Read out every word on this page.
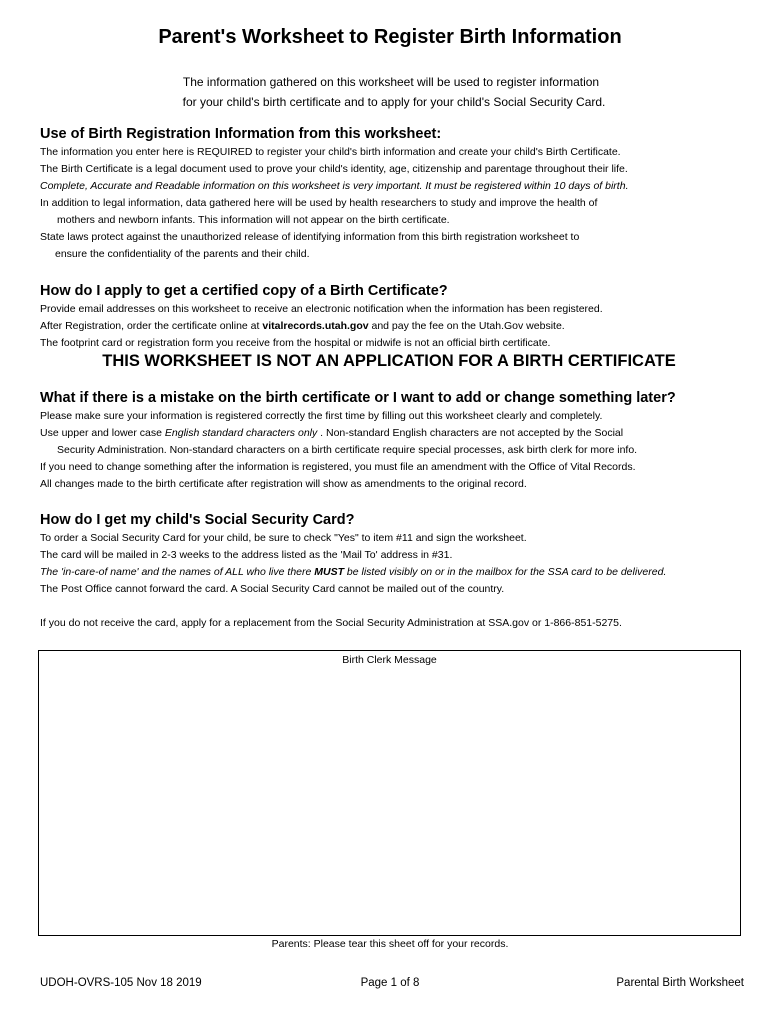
Parent's Worksheet to Register Birth Information
The information gathered on this worksheet will be used to register information
for your child's birth certificate and to apply for your child's Social Security Card.
Use of Birth Registration Information from this worksheet:
The information you enter here is REQUIRED to register your child's birth information and create your child's Birth Certificate.
The Birth Certificate is a legal document used to prove your child's identity, age, citizenship and parentage throughout their life.
Complete, Accurate and Readable information on this worksheet is very important. It must be registered within 10 days of birth.
In addition to legal information, data gathered here will be used by health researchers to study and improve the health of
mothers and newborn infants. This information will not appear on the birth certificate.
State laws protect against the unauthorized release of identifying information from this birth registration worksheet to
ensure the confidentiality of the parents and their child.
How do I apply to get a certified copy of a Birth Certificate?
Provide email addresses on this worksheet to receive an electronic notification when the information has been registered.
After Registration, order the certificate online at vitalrecords.utah.gov and pay the fee on the Utah.Gov website.
The footprint card or registration form you receive from the hospital or midwife is not an official birth certificate.
THIS WORKSHEET IS NOT AN APPLICATION FOR A BIRTH CERTIFICATE
What if there is a mistake on the birth certificate or I want to add or change something later?
Please make sure your information is registered correctly the first time by filling out this worksheet clearly and completely.
Use upper and lower case English standard characters only . Non-standard English characters are not accepted by the Social
Security Administration. Non-standard characters on a birth certificate require special processes, ask birth clerk for more info.
If you need to change something after the information is registered, you must file an amendment with the Office of Vital Records.
All changes made to the birth certificate after registration will show as amendments to the original record.
How do I get my child's Social Security Card?
To order a Social Security Card for your child, be sure to check "Yes" to item #11 and sign the worksheet.
The card will be mailed in 2-3 weeks to the address listed as the 'Mail To' address in #31.
The 'in-care-of name' and the names of ALL who live there MUST be listed visibly on or in the mailbox for the SSA card to be delivered.
The Post Office cannot forward the card. A Social Security Card cannot be mailed out of the country.
If you do not receive the card, apply for a replacement from the Social Security Administration at SSA.gov or 1-866-851-5275.
Birth Clerk Message
Parents: Please tear this sheet off for your records.
UDOH-OVRS-105 Nov 18 2019	Page 1 of 8	Parental Birth Worksheet
